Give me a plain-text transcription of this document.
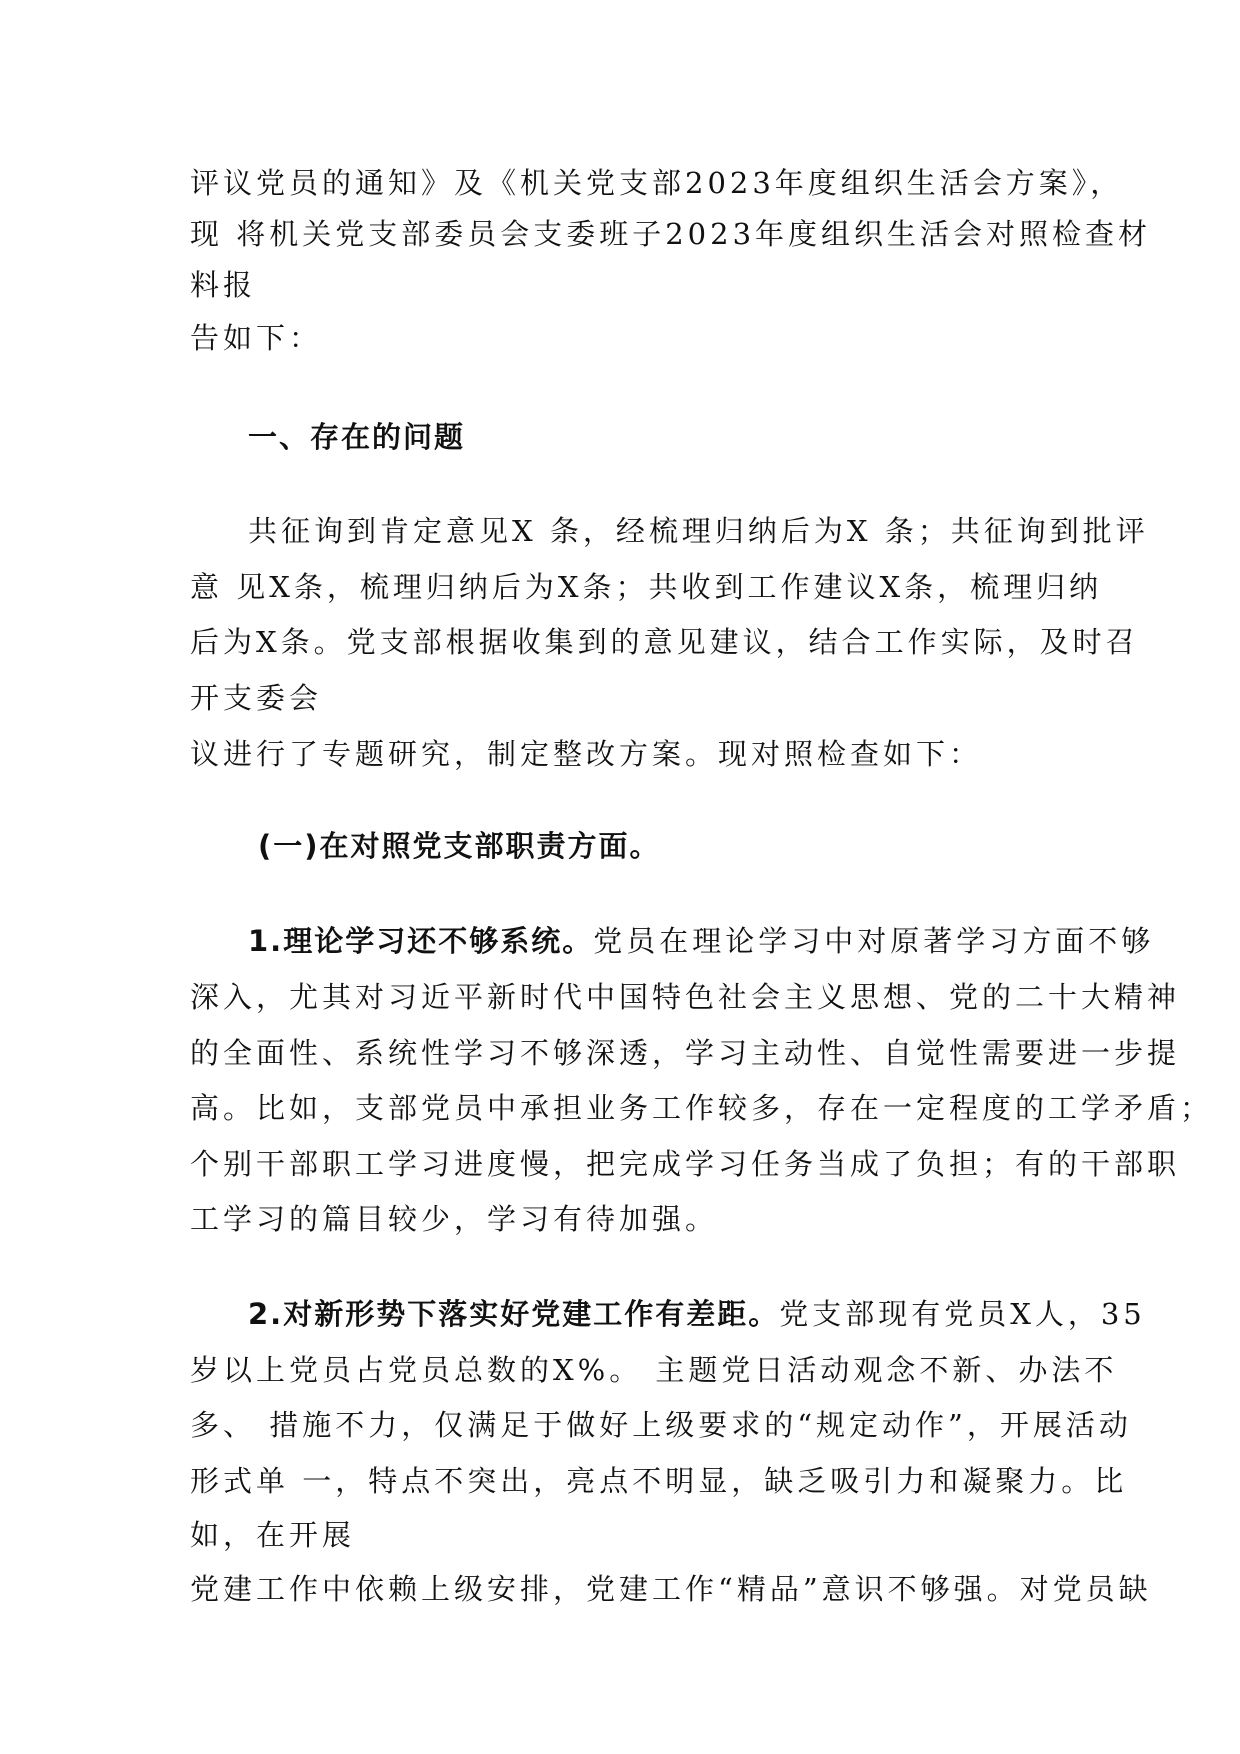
评议党员的通知》及《机关党支部2023年度组织生活会方案》，
现 将机关党支部委员会支委班子2023年度组织生活会对照检查材
料报
告如下：
一、存在的问题
共征询到肯定意见X 条，经梳理归纳后为X 条；共征询到批评
意 见X条，梳理归纳后为X条；共收到工作建议X条，梳理归纳
后为X条。党支部根据收集到的意见建议，结合工作实际，及时召
开支委会
议进行了专题研究，制定整改方案。现对照检查如下：
(一)在对照党支部职责方面。
1.理论学习还不够系统。党员在理论学习中对原著学习方面不够
深入，尤其对习近平新时代中国特色社会主义思想、党的二十大精神
的全面性、系统性学习不够深透，学习主动性、自觉性需要进一步提
高。比如，支部党员中承担业务工作较多，存在一定程度的工学矛盾；
个别干部职工学习进度慢，把完成学习任务当成了负担；有的干部职
工学习的篇目较少，学习有待加强。
2.对新形势下落实好党建工作有差距。党支部现有党员X人，35
岁以上党员占党员总数的X%。 主题党日活动观念不新、办法不
多、 措施不力，仅满足于做好上级要求的“规定动作”，开展活动
形式单 一，特点不突出，亮点不明显，缺乏吸引力和凝聚力。比
如，在开展
党建工作中依赖上级安排，党建工作“精品”意识不够强。对党员缺
